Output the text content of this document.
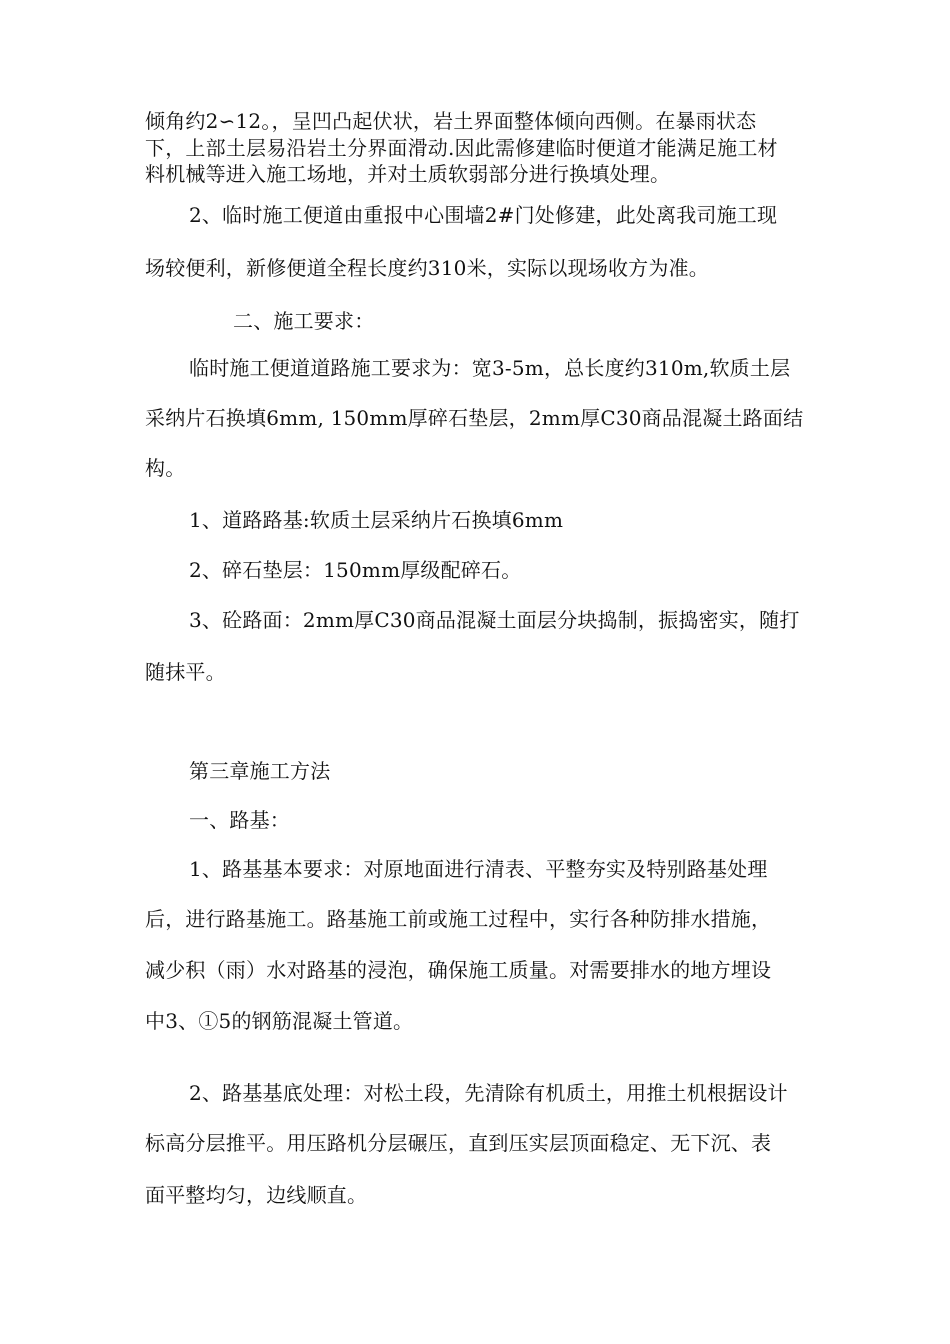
倾角约2∽12。，呈凹凸起伏状，岩土界面整体倾向西侧。在暴雨状态
下，上部土层易沿岩土分界面滑动.因此需修建临时便道才能满足施工材
料机械等进入施工场地，并对土质软弱部分进行换填处理。
2、临时施工便道由重报中心围墙2#门处修建，此处离我司施工现
场较便利，新修便道全程长度约310米，实际以现场收方为准。
二、施工要求：
临时施工便道道路施工要求为：宽3-5m，总长度约310m,软质土层
采纳片石换填6mm, 150mm厚碎石垫层，2mm厚C30商品混凝土路面结
构。
1、道路路基:软质土层采纳片石换填6mm
2、碎石垫层：150mm厚级配碎石。
3、砼路面：2mm厚C30商品混凝土面层分块捣制，振捣密实，随打
随抹平。
第三章施工方法
一、路基：
1、路基基本要求：对原地面进行清表、平整夯实及特别路基处理
后，进行路基施工。路基施工前或施工过程中，实行各种防排水措施，
减少积（雨）水对路基的浸泡，确保施工质量。对需要排水的地方埋设
中3、①5的钢筋混凝土管道。
2、路基基底处理：对松土段，先清除有机质土，用推土机根据设计
标高分层推平。用压路机分层碾压，直到压实层顶面稳定、无下沉、表
面平整均匀，边线顺直。
